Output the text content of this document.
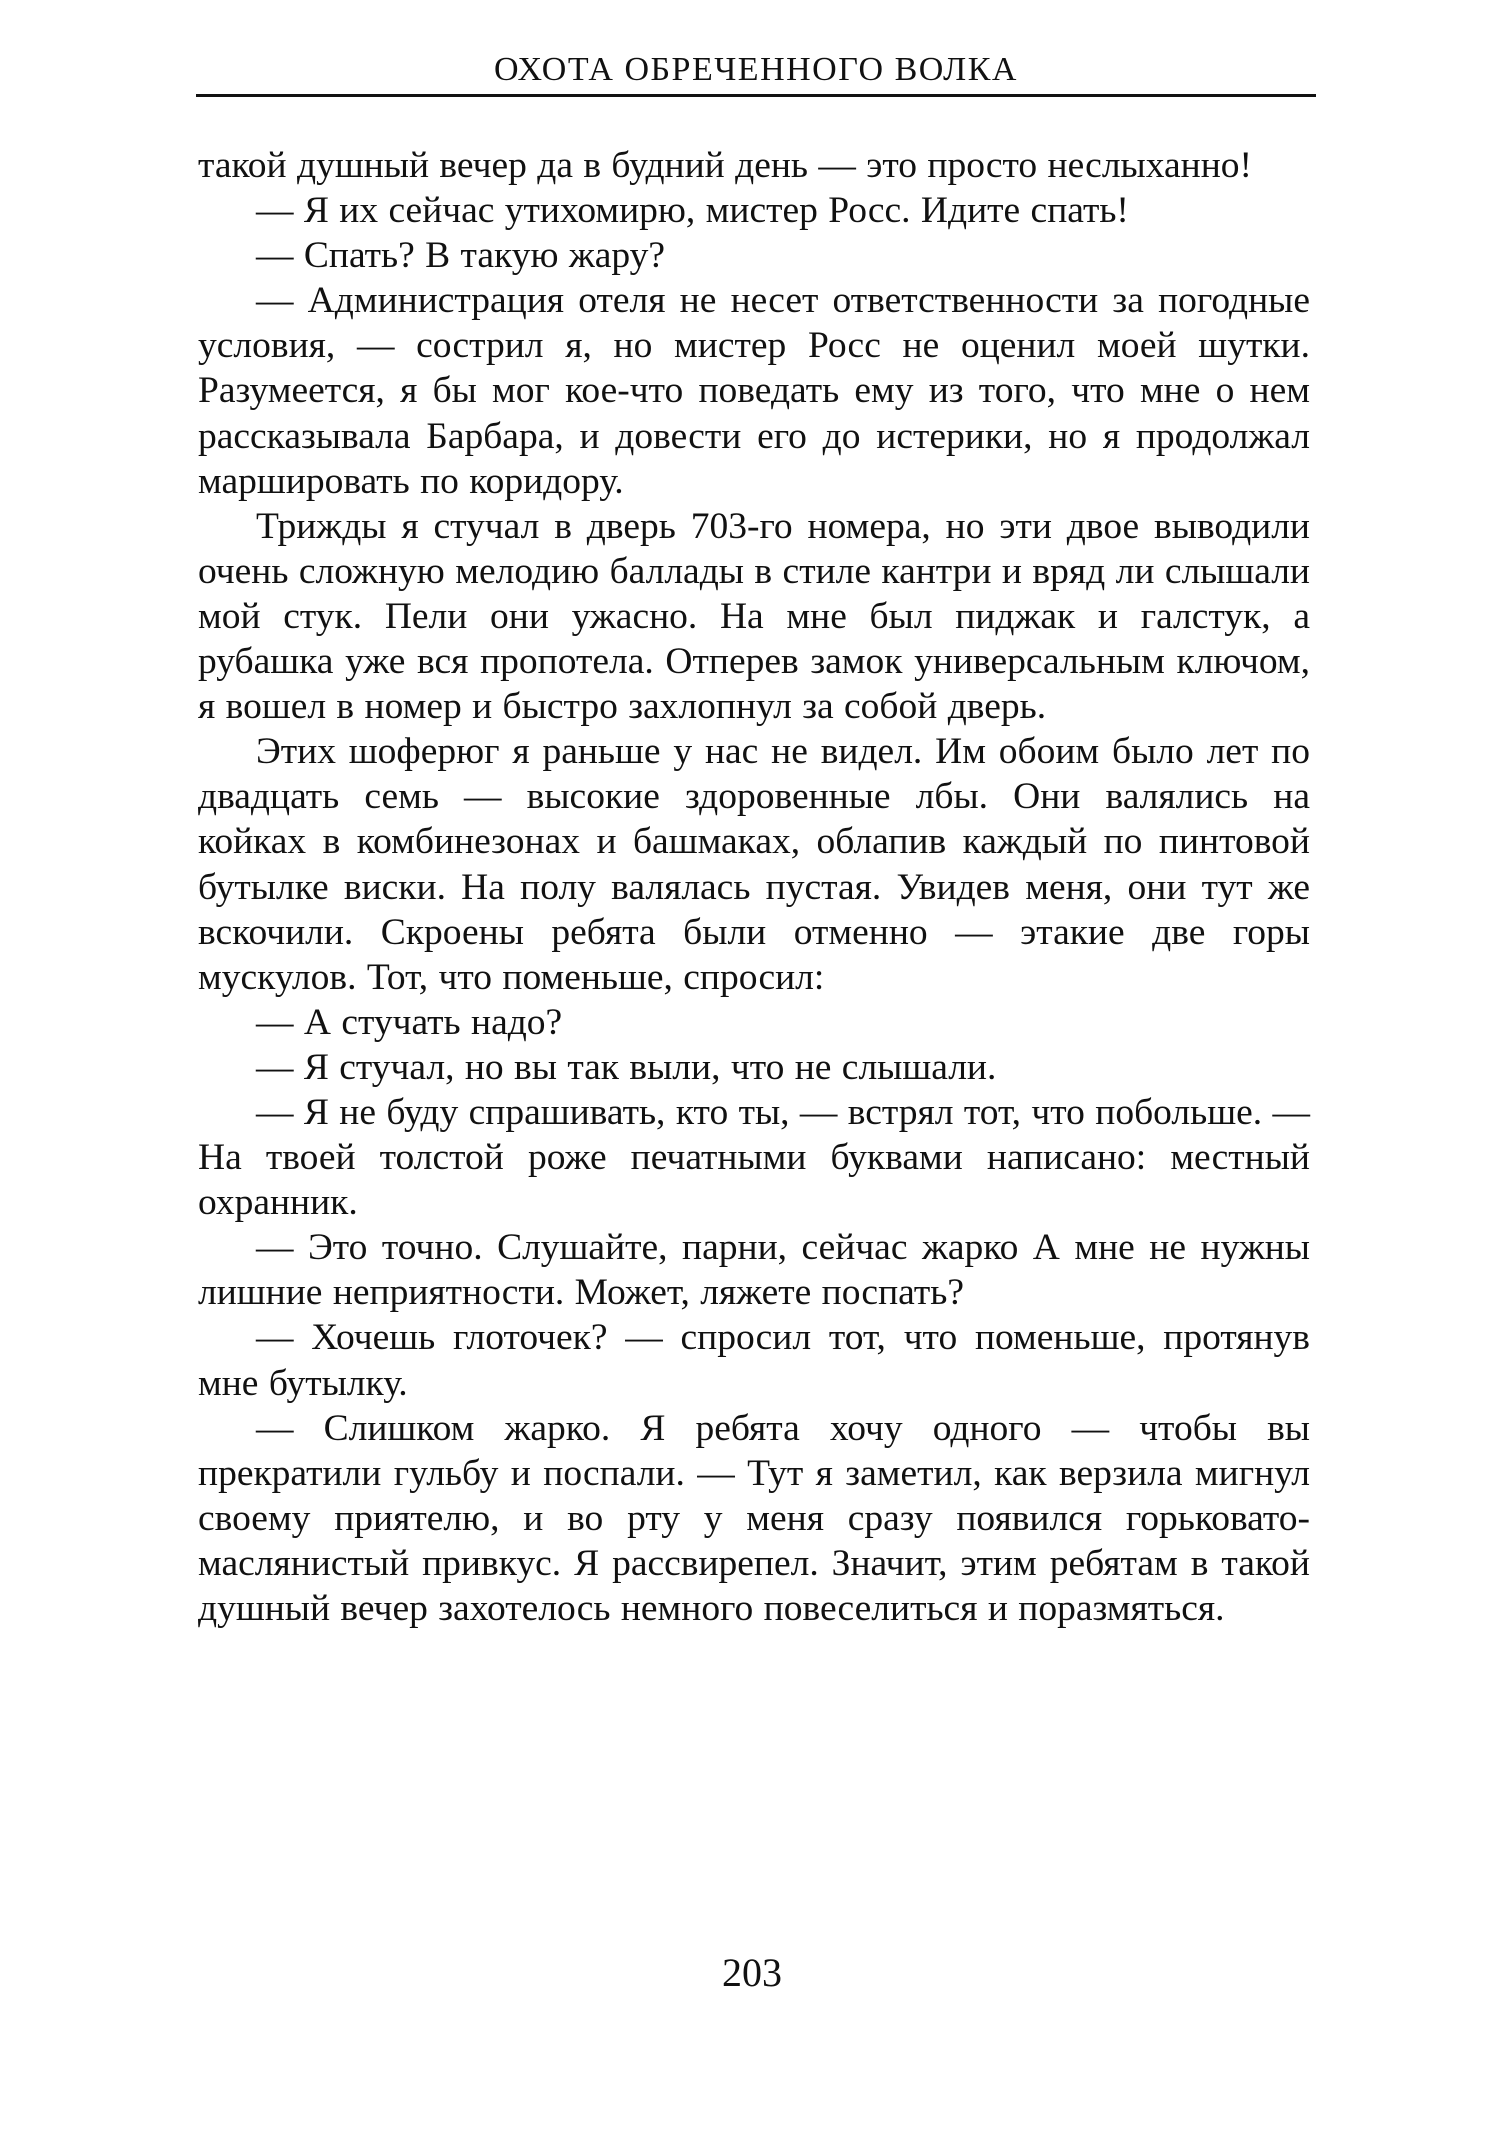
ОХОТА ОБРЕЧЕННОГО ВОЛКА

такой душный вечер да в будний день — это просто неслыханно!

— Я их сейчас утихомирю, мистер Росс. Идите спать!

— Спать? В такую жару?

— Администрация отеля не несет ответственности за погодные условия, — сострил я, но мистер Росс не оценил моей шутки. Разумеется, я бы мог кое-что поведать ему из того, что мне о нем рассказывала Барбара, и довести его до истерики, но я продолжал маршировать по коридору.

Трижды я стучал в дверь 703-го номера, но эти двое выводили очень сложную мелодию баллады в стиле кантри и вряд ли слышали мой стук. Пели они ужасно. На мне был пиджак и галстук, а рубашка уже вся пропотела. Отперев замок универсальным ключом, я вошел в номер и быстро захлопнул за собой дверь.

Этих шоферюг я раньше у нас не видел. Им обоим было лет по двадцать семь — высокие здоровенные лбы. Они валялись на койках в комбинезонах и башмаках, облапив каждый по пинтовой бутылке виски. На полу валялась пустая. Увидев меня, они тут же вскочили. Скроены ребята были отменно — этакие две горы мускулов. Тот, что поменьше, спросил:

— А стучать надо?

— Я стучал, но вы так выли, что не слышали.

— Я не буду спрашивать, кто ты, — встрял тот, что побольше. — На твоей толстой роже печатными буквами написано: местный охранник.

— Это точно. Слушайте, парни, сейчас жарко А мне не нужны лишние неприятности. Может, ляжете поспать?

— Хочешь глоточек? — спросил тот, что поменьше, протянув мне бутылку.

— Слишком жарко. Я ребята хочу одного — чтобы вы прекратили гульбу и поспали. — Тут я заметил, как верзила мигнул своему приятелю, и во рту у меня сразу появился горьковато-маслянистый привкус. Я рассвирепел. Значит, этим ребятам в такой душный вечер захотелось немного повеселиться и поразмяться.

203
